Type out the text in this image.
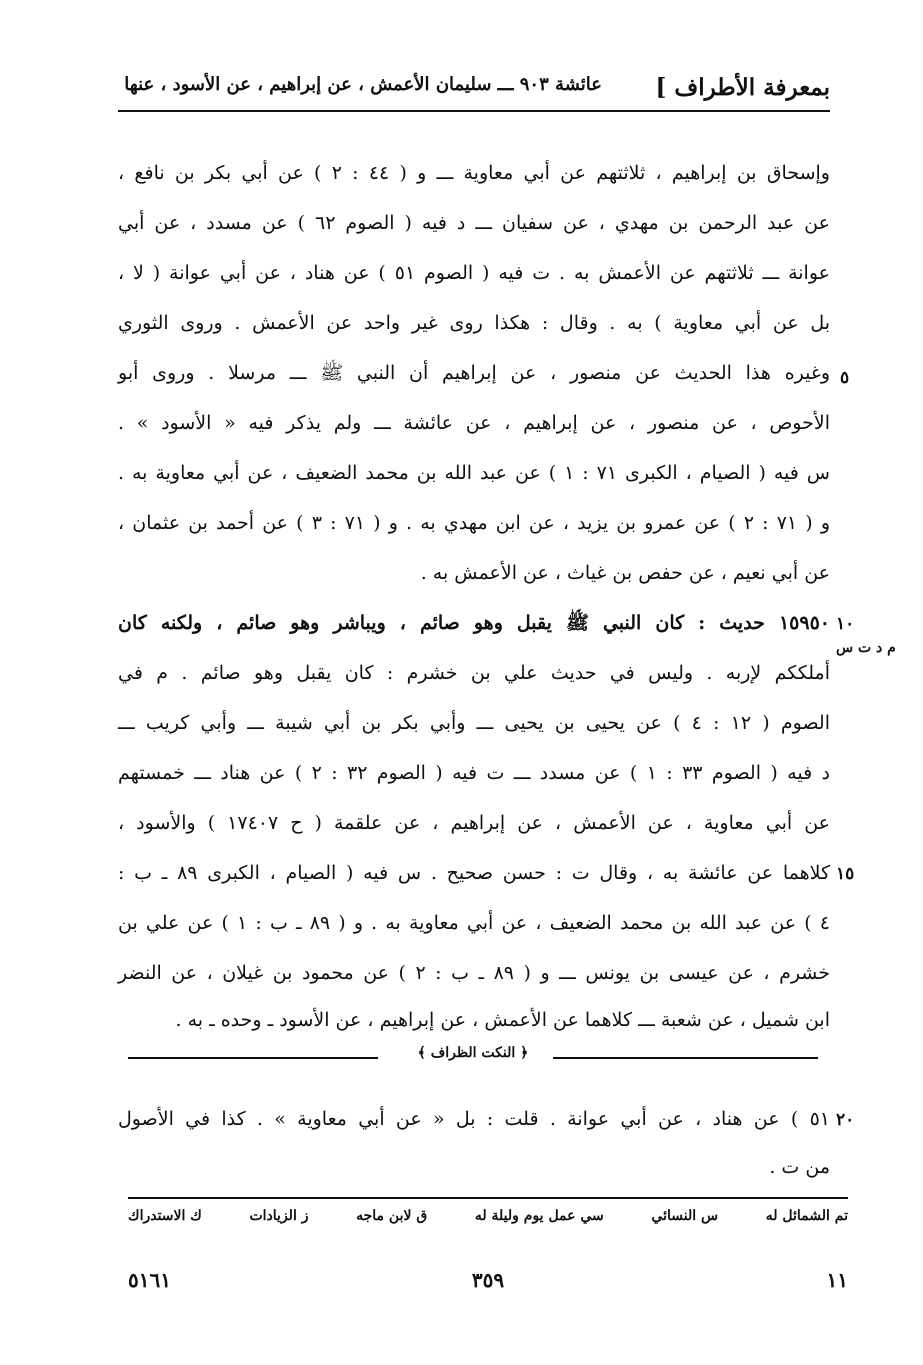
بمعرفة الأطراف ]
عائشة ٩٠٣ ـــ سليمان الأعمش ، عن إبراهيم ، عن الأسود ، عنها
وإسحاق بن إبراهيم ، ثلاثتهم عن أبي معاوية ـــ و ( ٤٤ : ٢ ) عن أبي بكر بن نافع ،
عن عبد الرحمن بن مهدي ، عن سفيان ـــ د فيه ( الصوم ٦٢ ) عن مسدد ، عن أبي
عوانة ـــ ثلاثتهم عن الأعمش به . ت فيه ( الصوم ٥١ ) عن هناد ، عن أبي عوانة ( لا ،
بل عن أبي معاوية ) به . وقال : هكذا روى غير واحد عن الأعمش . وروى الثوري
وغيره هذا الحديث عن منصور ، عن إبراهيم أن النبي ﷺ ـــ مرسلا . وروى أبو
الأحوص ، عن منصور ، عن إبراهيم ، عن عائشة ـــ ولم يذكر فيه « الأسود » .
س فيه ( الصيام ، الكبرى ٧١ : ١ ) عن عبد الله بن محمد الضعيف ، عن أبي معاوية به .
و ( ٧١ : ٢ ) عن عمرو بن يزيد ، عن ابن مهدي به . و ( ٧١ : ٣ ) عن أحمد بن عثمان ،
عن أبي نعيم ، عن حفص بن غياث ، عن الأعمش به .
٥
١٥٩٥٠ حديث : كان النبي ﷺ يقبل وهو صائم ، ويباشر وهو صائم ، ولكنه كان
أملككم لإربه . وليس في حديث علي بن خشرم : كان يقبل وهو صائم . م في
الصوم ( ١٢ : ٤ ) عن يحيى بن يحيى ـــ وأبي بكر بن أبي شيبة ـــ وأبي كريب ـــ
د فيه ( الصوم ٣٣ : ١ ) عن مسدد ـــ ت فيه ( الصوم ٣٢ : ٢ ) عن هناد ـــ خمستهم
عن أبي معاوية ، عن الأعمش ، عن إبراهيم ، عن علقمة ( ح ١٧٤٠٧ ) والأسود ،
كلاهما عن عائشة به ، وقال ت : حسن صحيح . س فيه ( الصيام ، الكبرى ٨٩ ـ ب :
٤ ) عن عبد الله بن محمد الضعيف ، عن أبي معاوية به . و ( ٨٩ ـ ب : ١ ) عن علي بن
خشرم ، عن عيسى بن يونس ـــ و ( ٨٩ ـ ب : ٢ ) عن محمود بن غيلان ، عن النضر
ابن شميل ، عن شعبة ـــ كلاهما عن الأعمش ، عن إبراهيم ، عن الأسود ـ وحده ـ به .
١٠
م د ت س
١٥
﴿ النكت الظراف ﴾
٥١ ) عن هناد ، عن أبي عوانة . قلت : بل « عن أبي معاوية » . كذا في الأصول
من ت .
٢٠
تم الشمائل له
س النسائي
سي عمل يوم وليلة له
ق لابن ماجه
ز الزيادات
ك الاستدراك
١١
٣٥٩
٥١٦١
